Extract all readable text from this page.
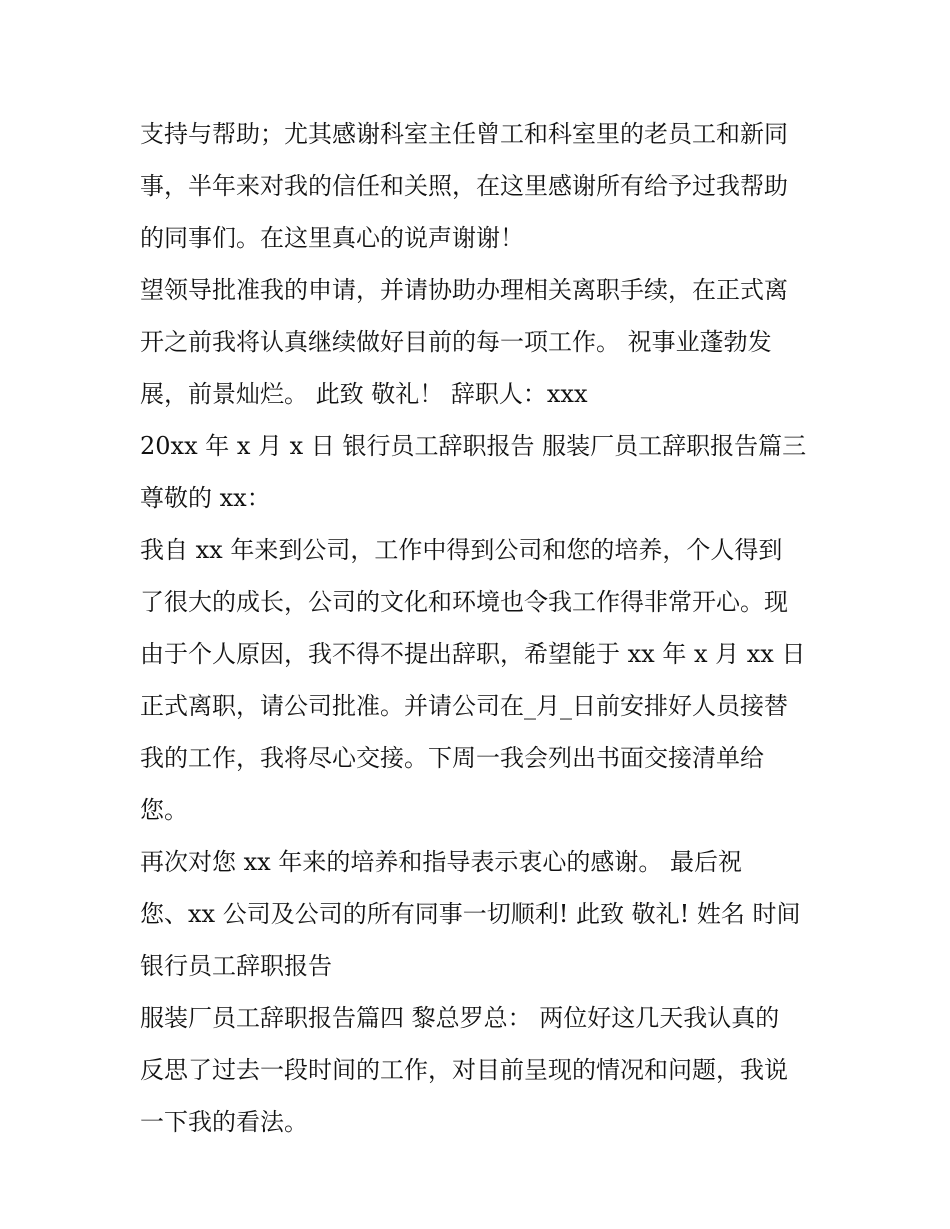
支持与帮助；尤其感谢科室主任曾工和科室里的老员工和新同
事，半年来对我的信任和关照，在这里感谢所有给予过我帮助
的同事们。在这里真心的说声谢谢！
望领导批准我的申请，并请协助办理相关离职手续，在正式离
开之前我将认真继续做好目前的每一项工作。 祝事业蓬勃发
展，前景灿烂。 此致 敬礼！ 辞职人：xxx
20xx 年 x 月 x 日 银行员工辞职报告 服装厂员工辞职报告篇三
尊敬的 xx：
我自 xx 年来到公司，工作中得到公司和您的培养，个人得到
了很大的成长，公司的文化和环境也令我工作得非常开心。现
由于个人原因，我不得不提出辞职，希望能于 xx 年 x 月 xx 日
正式离职，请公司批准。并请公司在_月_日前安排好人员接替
我的工作，我将尽心交接。下周一我会列出书面交接清单给
您。
再次对您 xx 年来的培养和指导表示衷心的感谢。 最后祝
您、xx 公司及公司的所有同事一切顺利! 此致 敬礼! 姓名 时间
银行员工辞职报告
服装厂员工辞职报告篇四 黎总罗总： 两位好这几天我认真的
反思了过去一段时间的工作，对目前呈现的情况和问题，我说
一下我的看法。
